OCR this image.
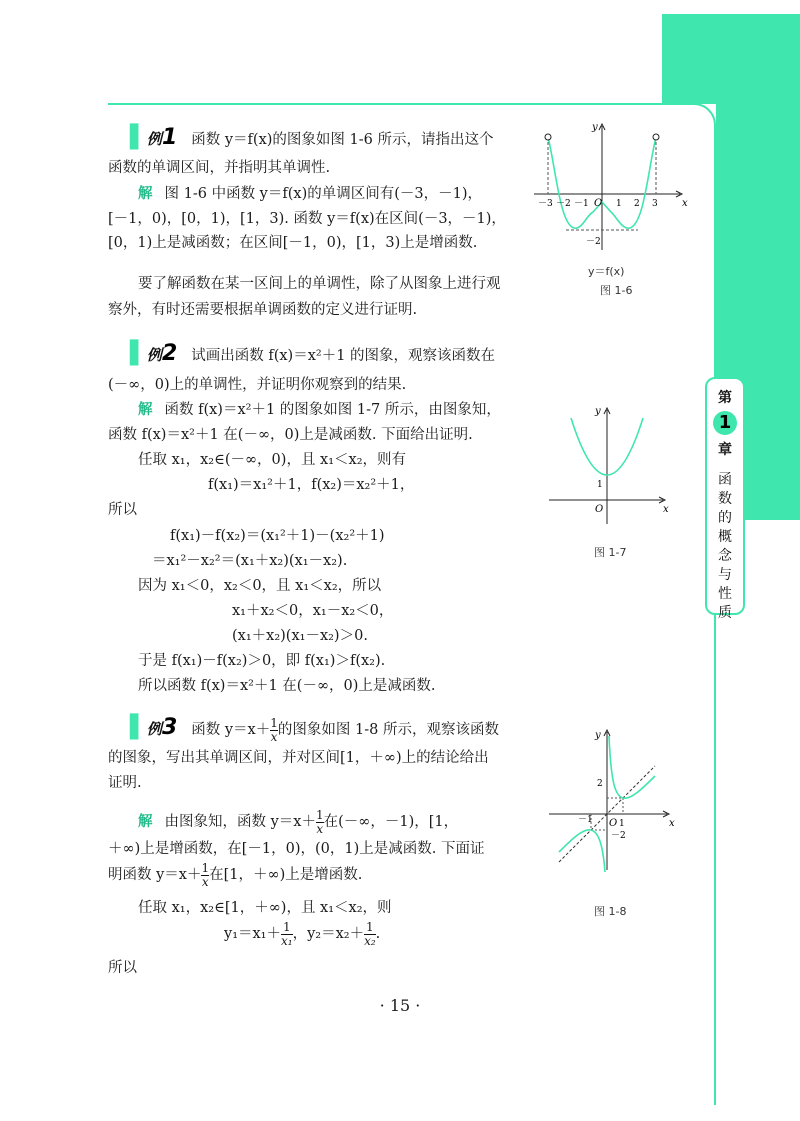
第
1
章
函数的概念与性质
▌例1 函数 y＝f(x)的图象如图 1-6 所示，请指出这个
函数的单调区间，并指明其单调性.
解 图 1-6 中函数 y＝f(x)的单调区间有(－3，－1)，
[－1，0)，[0，1)，[1，3). 函数 y＝f(x)在区间(－3，－1)，
[0，1)上是减函数；在区间[－1，0)，[1，3)上是增函数.
要了解函数在某一区间上的单调性，除了从图象上进行观
察外，有时还需要根据单调函数的定义进行证明.
▌例2 试画出函数 f(x)＝x²＋1 的图象，观察该函数在
(－∞，0)上的单调性，并证明你观察到的结果.
解 函数 f(x)＝x²＋1 的图象如图 1-7 所示，由图象知，
函数 f(x)＝x²＋1 在(－∞，0)上是减函数. 下面给出证明.
任取 x₁，x₂∈(－∞，0)，且 x₁＜x₂，则有
f(x₁)＝x₁²＋1，f(x₂)＝x₂²＋1，
所以
f(x₁)－f(x₂)＝(x₁²＋1)－(x₂²＋1)
＝x₁²－x₂²＝(x₁＋x₂)(x₁－x₂).
因为 x₁＜0，x₂＜0，且 x₁＜x₂，所以
x₁＋x₂＜0，x₁－x₂＜0，
(x₁＋x₂)(x₁－x₂)＞0.
于是 f(x₁)－f(x₂)＞0，即 f(x₁)＞f(x₂).
所以函数 f(x)＝x²＋1 在(－∞，0)上是减函数.
▌例3 函数 $y=x+ \frac{1}{x}$ 的图象如图 1-8 所示，观察该函数
的图象，写出其单调区间，并对区间[1，＋∞)上的结论给出
证明.
解 由图象知，函数 $y=x+ \frac{1}{x}$ 在(－∞，－1)，[1，
＋∞)上是增函数，在[－1，0)，(0，1)上是减函数. 下面证
明函数 $y=x+ \frac{1}{x}$ 在[1，＋∞)上是增函数.
任取 x₁，x₂∈[1，＋∞)，且 x₁＜x₂，则
$y_1=x_1+ \frac{1}{\text{x₁}}$ ，$y_2=x_2+ \frac{1}{\text{x₂}}$ .
所以
x
y
O
－3 －2 －1	1 2 3
－2
y＝f(x)
图 1-6
x
y
O
1
图 1-7
x
y
O
－1	1
2
－2
图 1-8
· 15 ·
